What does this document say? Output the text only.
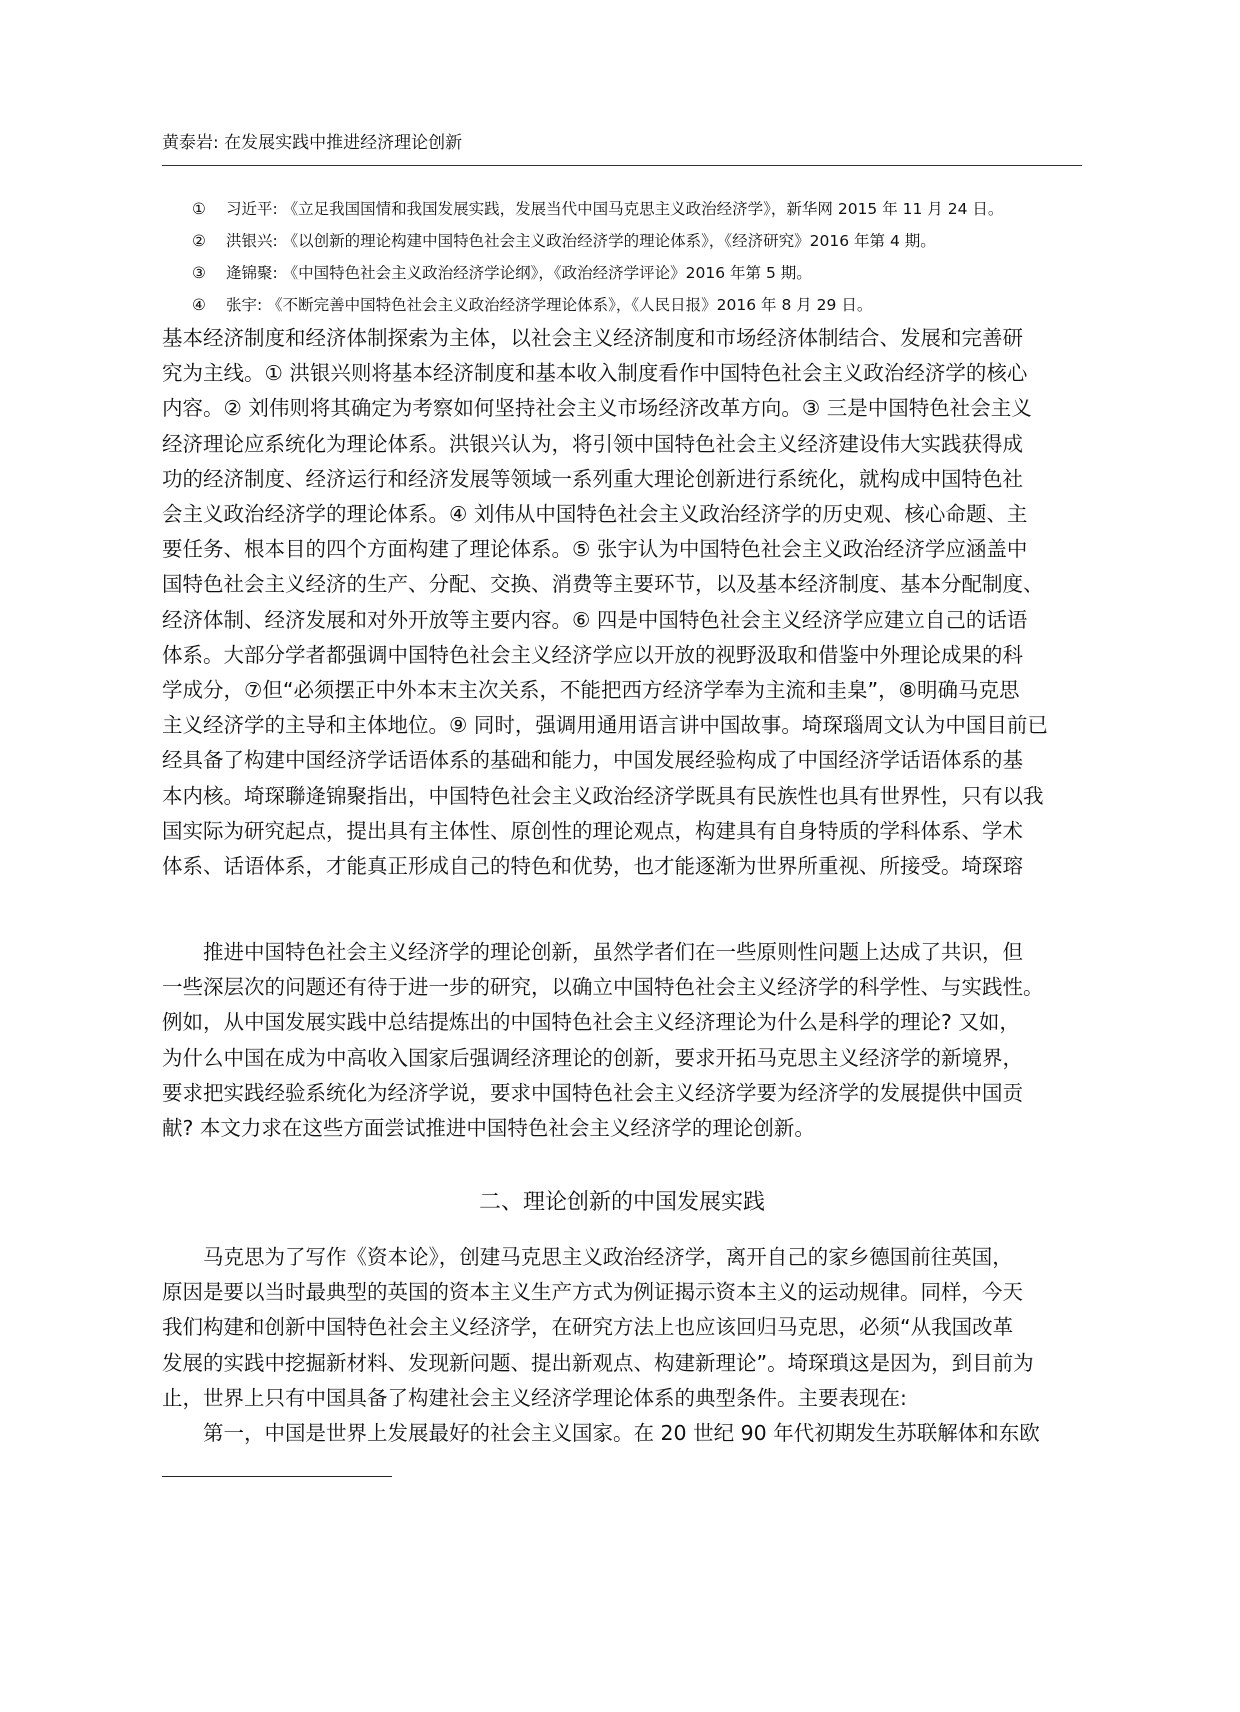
黄泰岩: 在发展实践中推进经济理论创新
① 习近平: 《立足我国国情和我国发展实践，发展当代中国马克思主义政治经济学》，新华网 2015 年 11 月 24 日。
② 洪银兴: 《以创新的理论构建中国特色社会主义政治经济学的理论体系》，《经济研究》2016 年第 4 期。
③ 逄锦聚: 《中国特色社会主义政治经济学论纲》，《政治经济学评论》2016 年第 5 期。
④ 张宇: 《不断完善中国特色社会主义政治经济学理论体系》，《人民日报》2016 年 8 月 29 日。
基本经济制度和经济体制探索为主体，以社会主义经济制度和市场经济体制结合、发展和完善研
究为主线。① 洪银兴则将基本经济制度和基本收入制度看作中国特色社会主义政治经济学的核心
内容。② 刘伟则将其确定为考察如何坚持社会主义市场经济改革方向。③ 三是中国特色社会主义
经济理论应系统化为理论体系。洪银兴认为，将引领中国特色社会主义经济建设伟大实践获得成
功的经济制度、经济运行和经济发展等领域一系列重大理论创新进行系统化，就构成中国特色社
会主义政治经济学的理论体系。④ 刘伟从中国特色社会主义政治经济学的历史观、核心命题、主
要任务、根本目的四个方面构建了理论体系。⑤ 张宇认为中国特色社会主义政治经济学应涵盖中
国特色社会主义经济的生产、分配、交换、消费等主要环节，以及基本经济制度、基本分配制度、
经济体制、经济发展和对外开放等主要内容。⑥ 四是中国特色社会主义经济学应建立自己的话语
体系。大部分学者都强调中国特色社会主义经济学应以开放的视野汲取和借鉴中外理论成果的科
学成分，⑦但“必须摆正中外本末主次关系，不能把西方经济学奉为主流和圭臬”，⑧明确马克思
主义经济学的主导和主体地位。⑨ 同时，强调用通用语言讲中国故事。埼琛瑙周文认为中国目前已
经具备了构建中国经济学话语体系的基础和能力，中国发展经验构成了中国经济学话语体系的基
本内核。埼琛聯逄锦聚指出，中国特色社会主义政治经济学既具有民族性也具有世界性，只有以我
国实际为研究起点，提出具有主体性、原创性的理论观点，构建具有自身特质的学科体系、学术
体系、话语体系，才能真正形成自己的特色和优势，也才能逐渐为世界所重视、所接受。埼琛瑢
　　推进中国特色社会主义经济学的理论创新，虽然学者们在一些原则性问题上达成了共识，但
一些深层次的问题还有待于进一步的研究，以确立中国特色社会主义经济学的科学性、与实践性。
例如，从中国发展实践中总结提炼出的中国特色社会主义经济理论为什么是科学的理论? 又如，
为什么中国在成为中高收入国家后强调经济理论的创新，要求开拓马克思主义经济学的新境界，
要求把实践经验系统化为经济学说，要求中国特色社会主义经济学要为经济学的发展提供中国贡
献? 本文力求在这些方面尝试推进中国特色社会主义经济学的理论创新。
二、理论创新的中国发展实践
　　马克思为了写作《资本论》，创建马克思主义政治经济学，离开自己的家乡德国前往英国，
原因是要以当时最典型的英国的资本主义生产方式为例证揭示资本主义的运动规律。同样，今天
我们构建和创新中国特色社会主义经济学，在研究方法上也应该回归马克思，必须“从我国改革
发展的实践中挖掘新材料、发现新问题、提出新观点、构建新理论”。埼琛瑣这是因为，到目前为
止，世界上只有中国具备了构建社会主义经济学理论体系的典型条件。主要表现在:
　　第一，中国是世界上发展最好的社会主义国家。在 20 世纪 90 年代初期发生苏联解体和东欧
